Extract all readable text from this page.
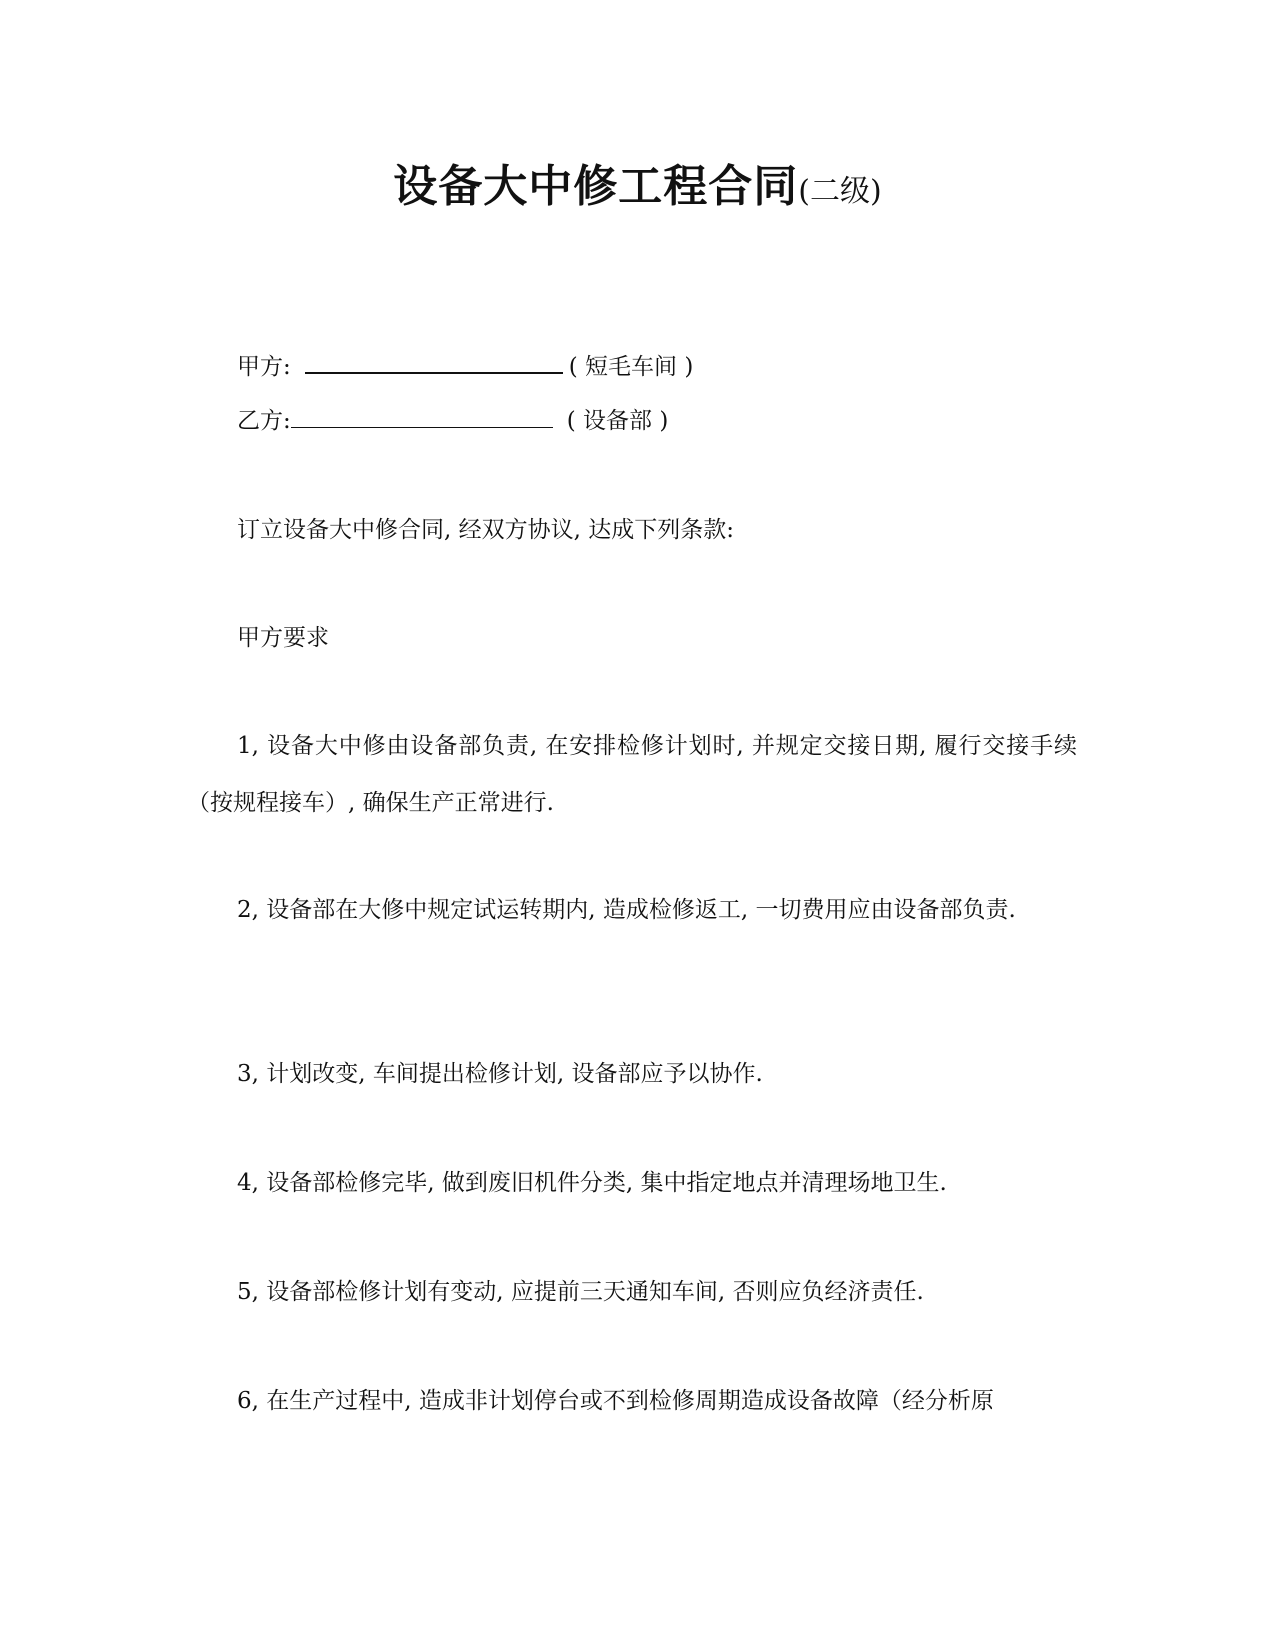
设备大中修工程合同(二级)
甲方:	( 短毛车间 )
乙方:	( 设备部 )
订立设备大中修合同, 经双方协议, 达成下列条款:
甲方要求
1, 设备大中修由设备部负责, 在安排检修计划时, 并规定交接日期, 履行交接手续（按规程接车）, 确保生产正常进行.
2, 设备部在大修中规定试运转期内, 造成检修返工, 一切费用应由设备部负责.
3, 计划改变, 车间提出检修计划, 设备部应予以协作.
4, 设备部检修完毕, 做到废旧机件分类, 集中指定地点并清理场地卫生.
5, 设备部检修计划有变动, 应提前三天通知车间, 否则应负经济责任.
6, 在生产过程中, 造成非计划停台或不到检修周期造成设备故障（经分析原
